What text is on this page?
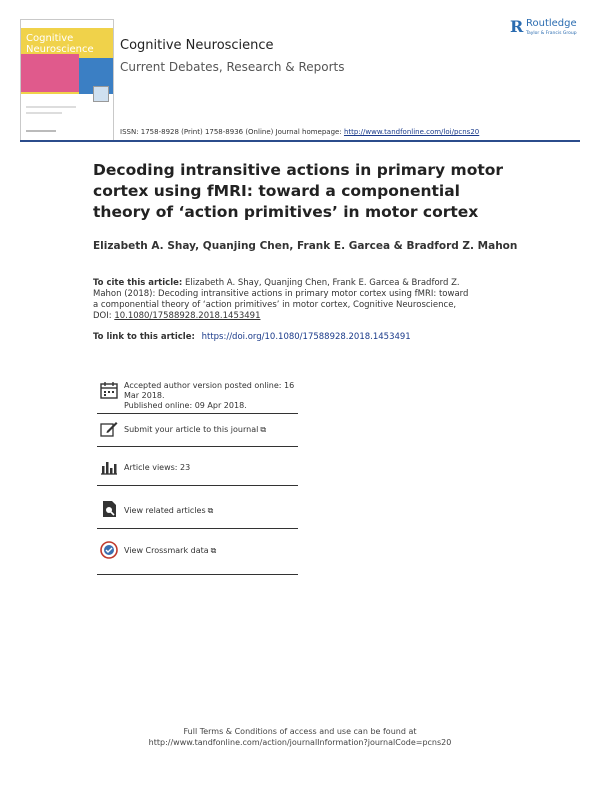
Cognitive
Neuroscience Cognitive Neuroscience
Current Debates, Research & Reports
R Routledge
Taylor & Francis Group
ISSN: 1758-8928 (Print) 1758-8936 (Online) Journal homepage: http://www.tandfonline.com/loi/pcns20
Decoding intransitive actions in primary motor cortex using fMRI: toward a componential theory of ‘action primitives’ in motor cortex
Elizabeth A. Shay, Quanjing Chen, Frank E. Garcea & Bradford Z. Mahon
To cite this article: Elizabeth A. Shay, Quanjing Chen, Frank E. Garcea & Bradford Z. Mahon (2018): Decoding intransitive actions in primary motor cortex using fMRI: toward a componential theory of ‘action primitives’ in motor cortex, Cognitive Neuroscience, DOI: 10.1080/17588928.2018.1453491
To link to this article: https://doi.org/10.1080/17588928.2018.1453491
Accepted author version posted online: 16 Mar 2018.
Published online: 09 Apr 2018.
Submit your article to this journal ⧉
Article views: 23
View related articles ⧉
View Crossmark data ⧉
Full Terms & Conditions of access and use can be found at
http://www.tandfonline.com/action/journalInformation?journalCode=pcns20
